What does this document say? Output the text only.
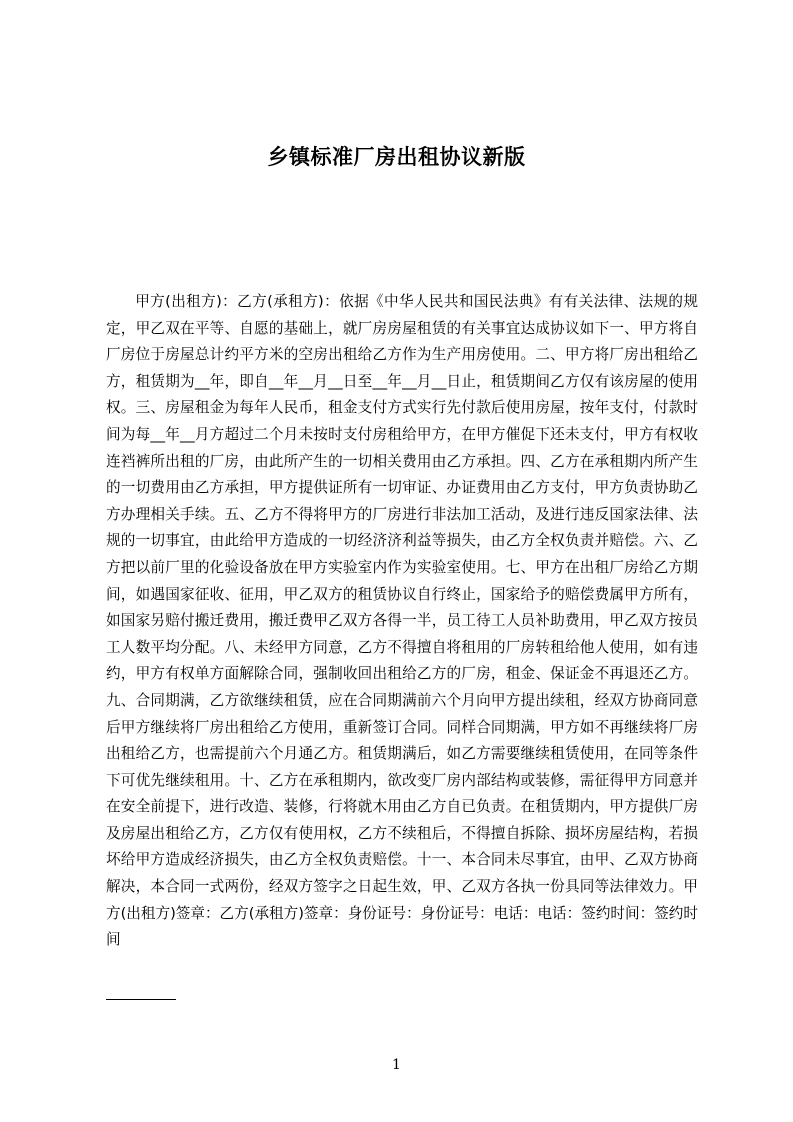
乡镇标准厂房出租协议新版

甲方(出租方)：乙方(承租方)：依据《中华人民共和国民法典》有有关法律、法规的规定，甲乙双在平等、自愿的基础上，就厂房房屋租赁的有关事宜达成协议如下一、甲方将自厂房位于房屋总计约平方米的空房出租给乙方作为生产用房使用。二、甲方将厂房出租给乙方，租赁期为__年，即自__年__月__日至__年__月__日止，租赁期间乙方仅有该房屋的使用权。三、房屋租金为每年人民币，租金支付方式实行先付款后使用房屋，按年支付，付款时间为每__年__月方超过二个月未按时支付房租给甲方，在甲方催促下还未支付，甲方有权收连裆裤所出租的厂房，由此所产生的一切相关费用由乙方承担。四、乙方在承租期内所产生的一切费用由乙方承担，甲方提供证所有一切审证、办证费用由乙方支付，甲方负责协助乙方办理相关手续。五、乙方不得将甲方的厂房进行非法加工活动，及进行违反国家法律、法规的一切事宜，由此给甲方造成的一切经济济利益等损失，由乙方全权负责并赔偿。六、乙方把以前厂里的化验设备放在甲方实验室内作为实验室使用。七、甲方在出租厂房给乙方期间，如遇国家征收、征用，甲乙双方的租赁协议自行终止，国家给予的赔偿费属甲方所有，如国家另赔付搬迁费用，搬迁费甲乙双方各得一半，员工待工人员补助费用，甲乙双方按员工人数平均分配。八、未经甲方同意，乙方不得擅自将租用的厂房转租给他人使用，如有违约，甲方有权单方面解除合同，强制收回出租给乙方的厂房，租金、保证金不再退还乙方。九、合同期满，乙方欲继续租赁，应在合同期满前六个月向甲方提出续租，经双方协商同意后甲方继续将厂房出租给乙方使用，重新签订合同。同样合同期满，甲方如不再继续将厂房出租给乙方，也需提前六个月通乙方。租赁期满后，如乙方需要继续租赁使用，在同等条件下可优先继续租用。十、乙方在承租期内，欲改变厂房内部结构或装修，需征得甲方同意并在安全前提下，进行改造、装修，行将就木用由乙方自已负责。在租赁期内，甲方提供厂房及房屋出租给乙方，乙方仅有使用权，乙方不续租后，不得擅自拆除、损坏房屋结构，若损坏给甲方造成经济损失，由乙方全权负责赔偿。十一、本合同未尽事宜，由甲、乙双方协商解决，本合同一式两份，经双方签字之日起生效，甲、乙双方各执一份具同等法律效力。甲方(出租方)签章：乙方(承租方)签章：身份证号：身份证号：电话：电话：签约时间：签约时间

1
